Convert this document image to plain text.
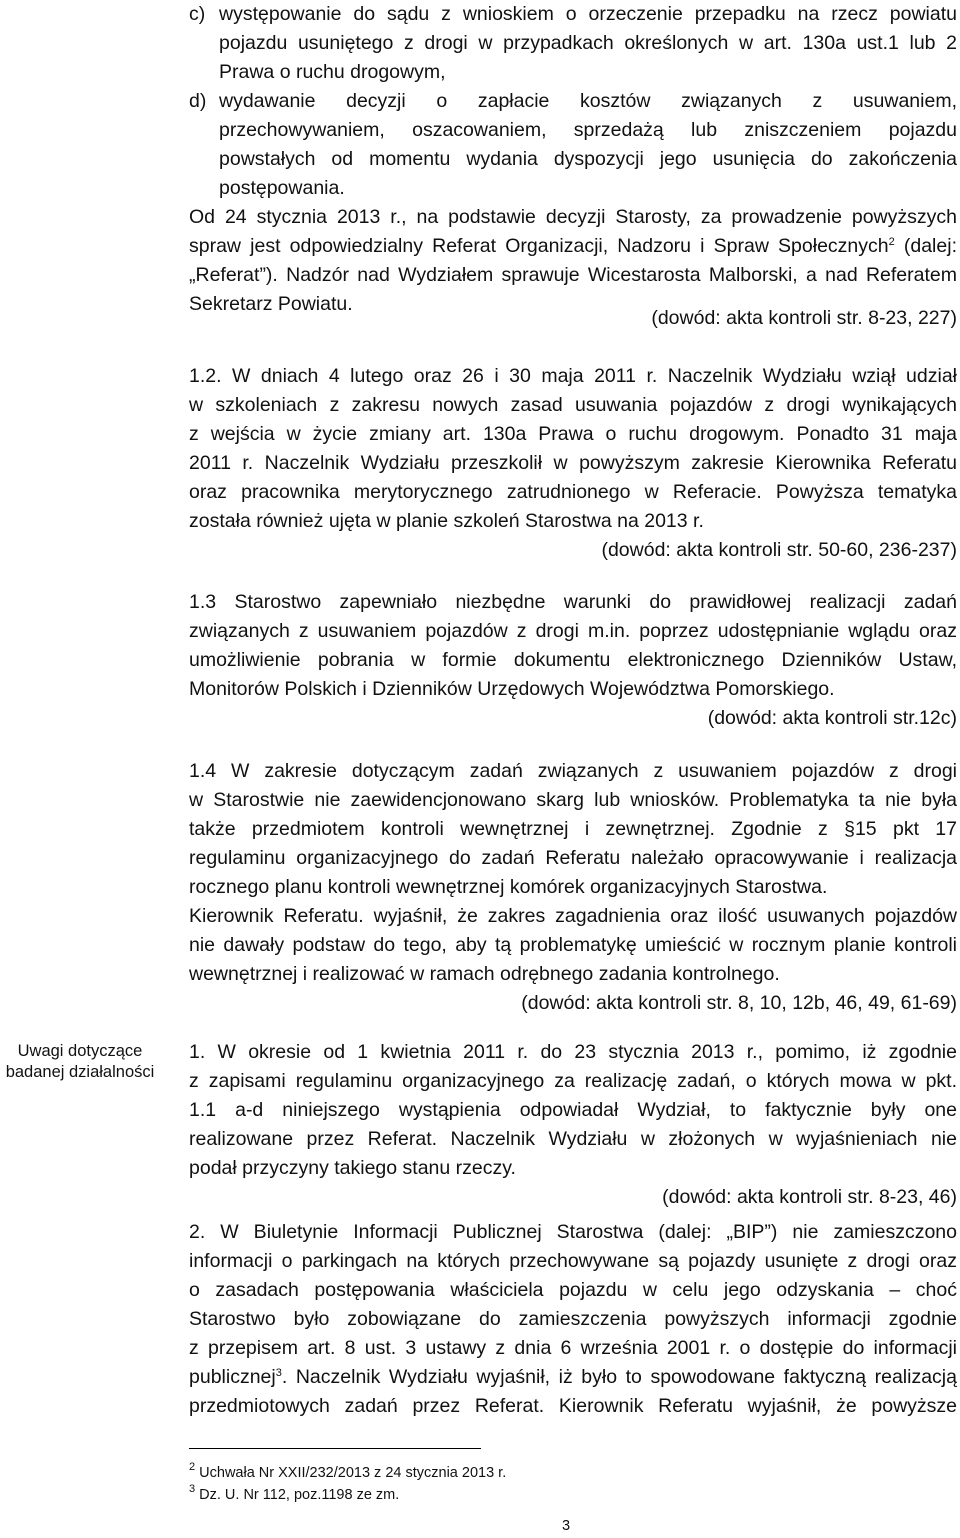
c) występowanie do sądu z wnioskiem o orzeczenie przepadku na rzecz powiatu

pojazdu usuniętego z drogi w przypadkach określonych w art. 130a ust.1 lub 2

Prawa o ruchu drogowym,

d) wydawanie decyzji o zapłacie kosztów związanych z usuwaniem,

przechowywaniem, oszacowaniem, sprzedażą lub zniszczeniem pojazdu

powstałych od momentu wydania dyspozycji jego usunięcia do zakończenia

postępowania.

Od 24 stycznia 2013 r., na podstawie decyzji Starosty, za prowadzenie powyższych

spraw jest odpowiedzialny Referat Organizacji, Nadzoru i Spraw Społecznych$^2$ (dalej:

„Referat”). Nadzór nad Wydziałem sprawuje Wicestarosta Malborski, a nad Referatem

Sekretarz Powiatu.

(dowód: akta kontroli str. 8-23, 227)

1.2. W dniach 4 lutego oraz 26 i 30 maja 2011 r. Naczelnik Wydziału wziął udział

w szkoleniach z zakresu nowych zasad usuwania pojazdów z drogi wynikających

z wejścia w życie zmiany art. 130a Prawa o ruchu drogowym. Ponadto 31 maja

2011 r. Naczelnik Wydziału przeszkolił w powyższym zakresie Kierownika Referatu

oraz pracownika merytorycznego zatrudnionego w Referacie. Powyższa tematyka

została również ujęta w planie szkoleń Starostwa na 2013 r.

(dowód: akta kontroli str. 50-60, 236-237)

1.3 Starostwo zapewniało niezbędne warunki do prawidłowej realizacji zadań

związanych z usuwaniem pojazdów z drogi m.in. poprzez udostępnianie wglądu oraz

umożliwienie pobrania w formie dokumentu elektronicznego Dzienników Ustaw,

Monitorów Polskich i Dzienników Urzędowych Województwa Pomorskiego.

(dowód: akta kontroli str.12c)

1.4 W zakresie dotyczącym zadań związanych z usuwaniem pojazdów z drogi

w Starostwie nie zaewidencjonowano skarg lub wniosków. Problematyka ta nie była

także przedmiotem kontroli wewnętrznej i zewnętrznej. Zgodnie z §15 pkt 17

regulaminu organizacyjnego do zadań Referatu należało opracowywanie i realizacja

rocznego planu kontroli wewnętrznej komórek organizacyjnych Starostwa.

Kierownik Referatu. wyjaśnił, że zakres zagadnienia oraz ilość usuwanych pojazdów

nie dawały podstaw do tego, aby tą problematykę umieścić w rocznym planie kontroli

wewnętrznej i realizować w ramach odrębnego zadania kontrolnego.

(dowód: akta kontroli str. 8, 10, 12b, 46, 49, 61-69)

Uwagi dotyczące
badanej działalności

1. W okresie od 1 kwietnia 2011 r. do 23 stycznia 2013 r., pomimo, iż zgodnie

z zapisami regulaminu organizacyjnego za realizację zadań, o których mowa w pkt.

1.1 a-d niniejszego wystąpienia odpowiadał Wydział, to faktycznie były one

realizowane przez Referat. Naczelnik Wydziału w złożonych w wyjaśnieniach nie

podał przyczyny takiego stanu rzeczy.

(dowód: akta kontroli str. 8-23, 46)

2. W Biuletynie Informacji Publicznej Starostwa (dalej: „BIP”) nie zamieszczono

informacji o parkingach na których przechowywane są pojazdy usunięte z drogi oraz

o zasadach postępowania właściciela pojazdu w celu jego odzyskania – choć

Starostwo było zobowiązane do zamieszczenia powyższych informacji zgodnie

z przepisem art. 8 ust. 3 ustawy z dnia 6 września 2001 r. o dostępie do informacji

publicznej$^3$. Naczelnik Wydziału wyjaśnił, iż było to spowodowane faktyczną realizacją

przedmiotowych zadań przez Referat. Kierownik Referatu wyjaśnił, że powyższe

$^2$ Uchwała Nr XXII/232/2013 z 24 stycznia 2013 r.
$^3$ Dz. U. Nr 112, poz.1198 ze zm.
3
